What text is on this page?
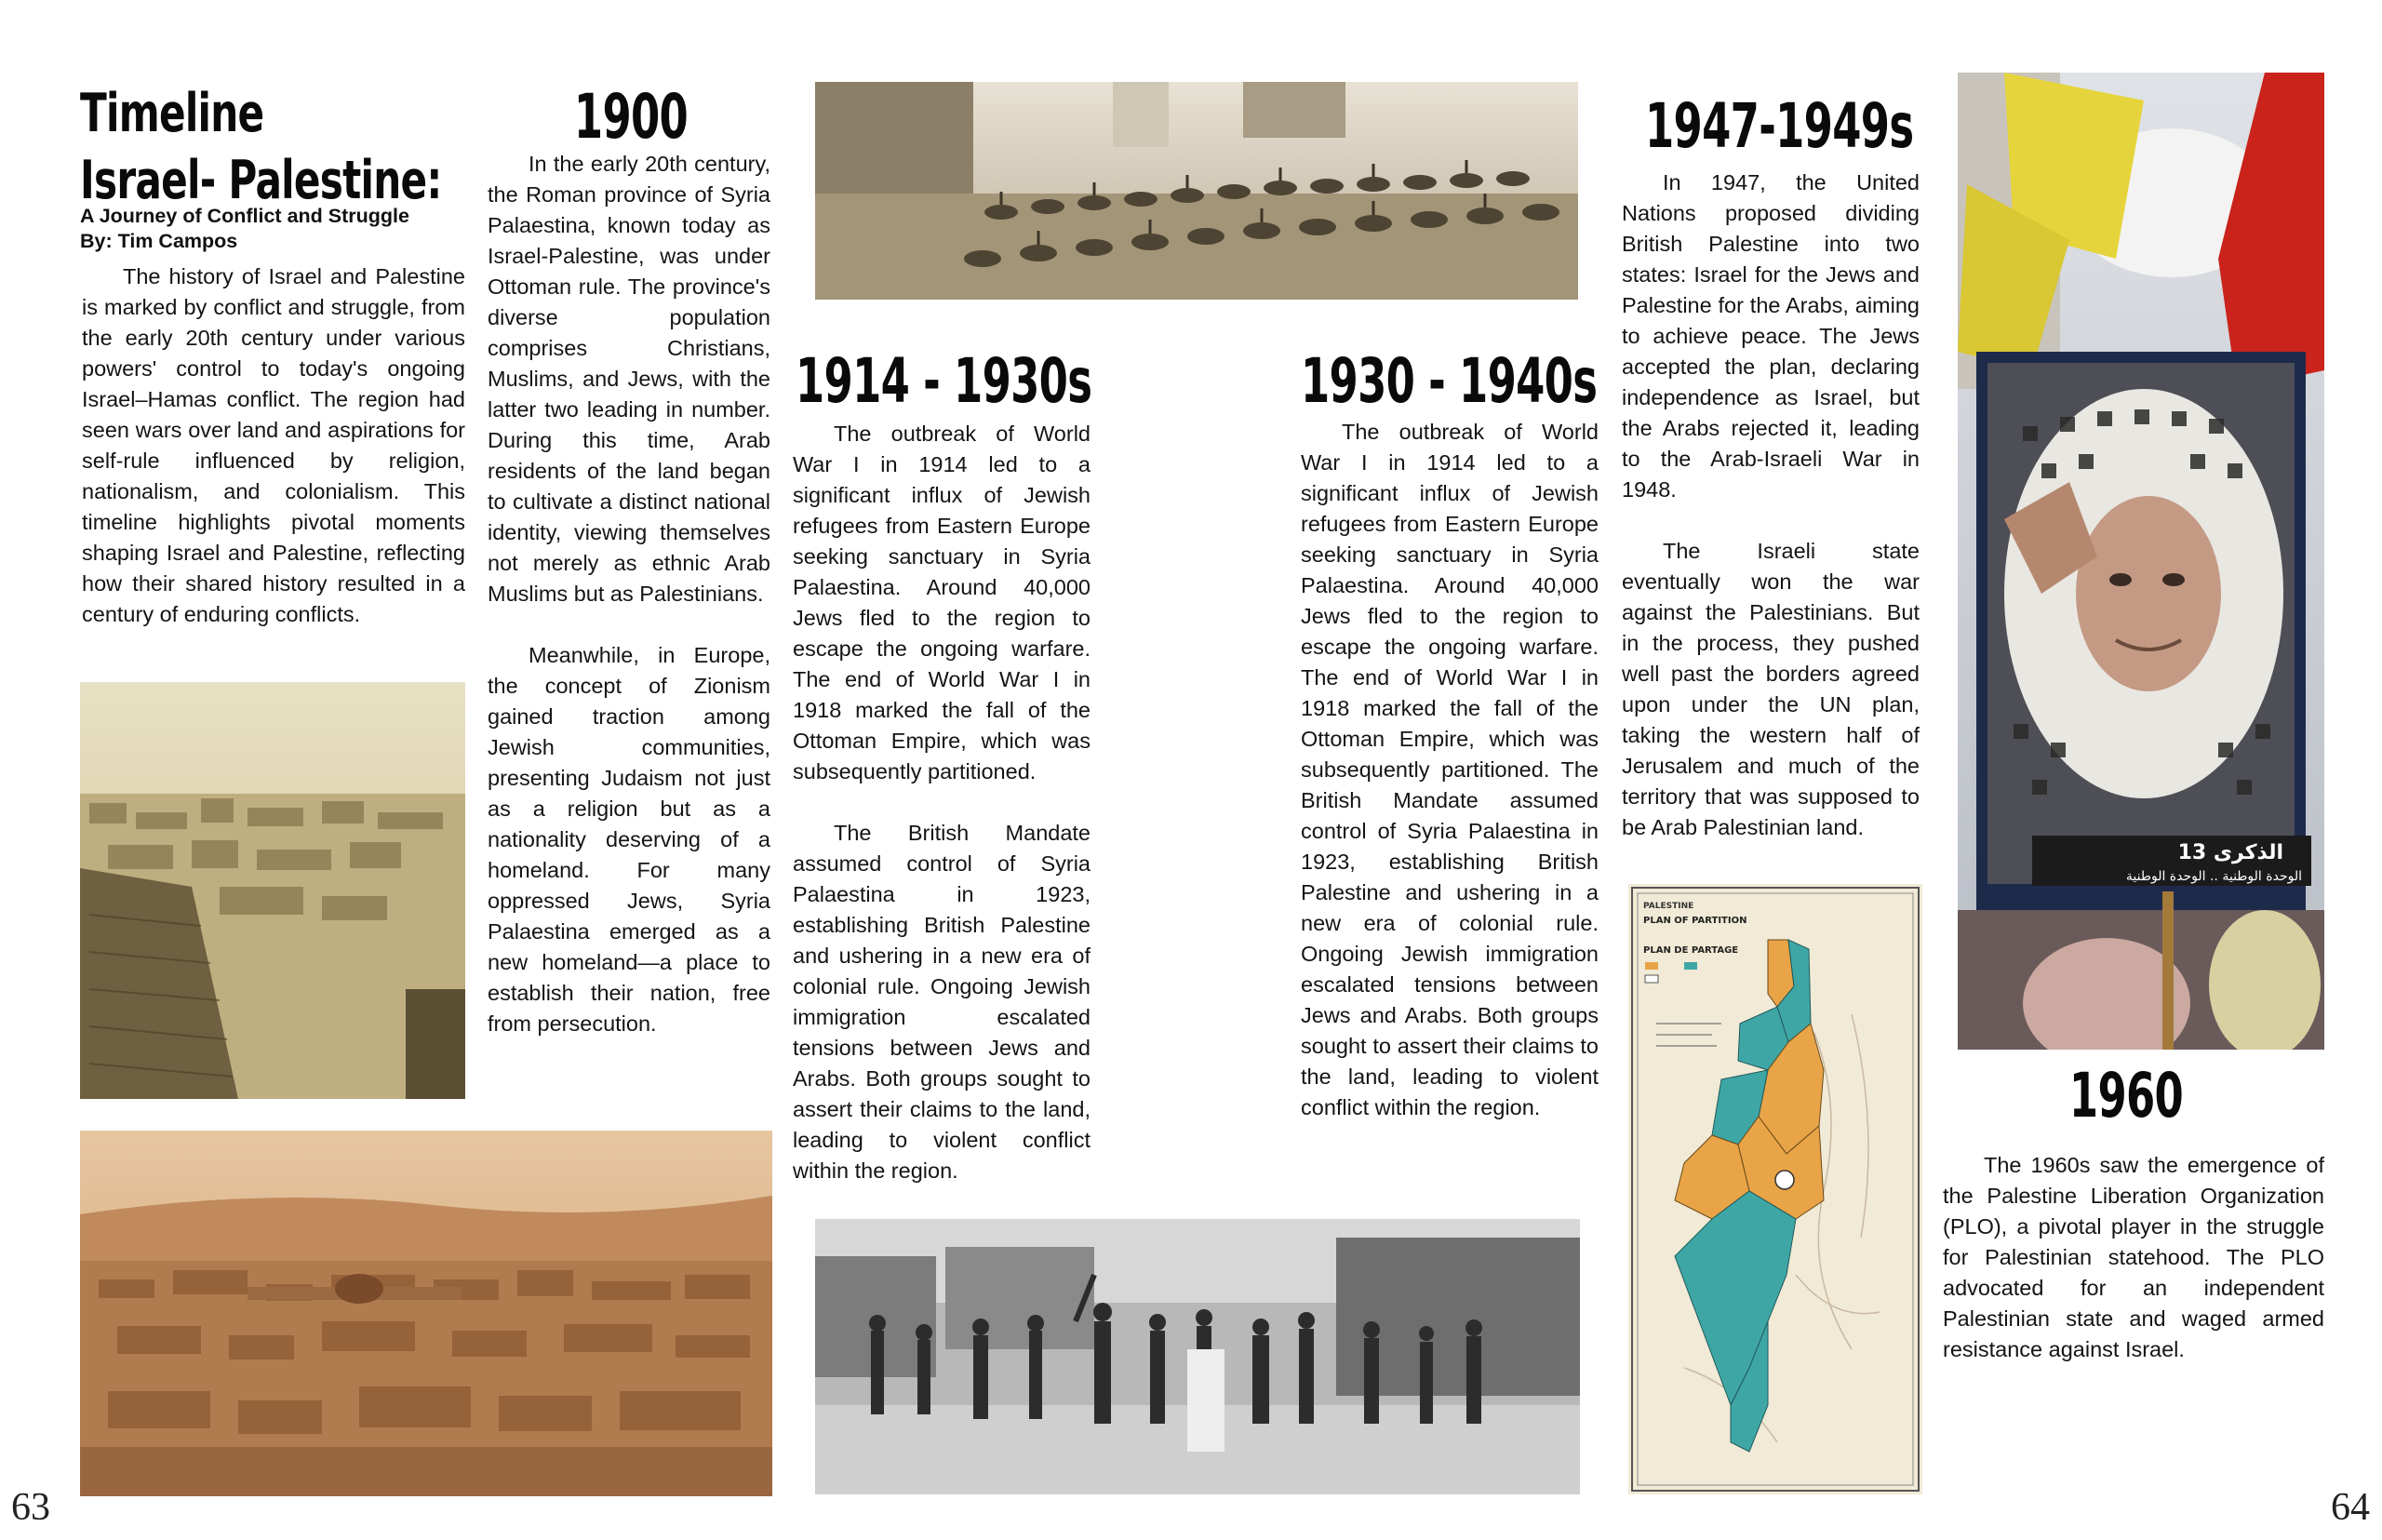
Timeline
Israel- Palestine:

A Journey of Conflict and Struggle

By: Tim Campos

The history of Israel and Palestine is marked by conflict and struggle, from the early 20th century under various powers' control to today's ongoing Israel–Hamas conflict. The region had seen wars over land and aspirations for self-rule influenced by religion, nationalism, and colonialism. This timeline highlights pivotal moments shaping Israel and Palestine, reflecting how their shared history resulted in a century of enduring conflicts.

1900

In the early 20th century, the Roman province of Syria Palaestina, known today as Israel-Palestine, was under Ottoman rule. The province's diverse population comprises Christians, Muslims, and Jews, with the latter two leading in number. During this time, Arab residents of the land began to cultivate a distinct national identity, viewing themselves not merely as ethnic Arab Muslims but as Palestinians.

Meanwhile, in Europe, the concept of Zionism gained traction among Jewish communities, presenting Judaism not just as a religion but as a nationality deserving of a homeland. For many oppressed Jews, Syria Palaestina emerged as a new homeland—a place to establish their nation, free from persecution.

1914 - 1930s

The outbreak of World War I in 1914 led to a significant influx of Jewish refugees from Eastern Europe seeking sanctuary in Syria Palaestina. Around 40,000 Jews fled to the region to escape the ongoing warfare. The end of World War I in 1918 marked the fall of the Ottoman Empire, which was subsequently partitioned.

The British Mandate assumed control of Syria Palaestina in 1923, establishing British Palestine and ushering in a new era of colonial rule. Ongoing Jewish immigration escalated tensions between Jews and Arabs. Both groups sought to assert their claims to the land, leading to violent conflict within the region.

63
1930 - 1940s

The outbreak of World War I in 1914 led to a significant influx of Jewish refugees from Eastern Europe seeking sanctuary in Syria Palaestina. Around 40,000 Jews fled to the region to escape the ongoing warfare. The end of World War I in 1918 marked the fall of the Ottoman Empire, which was subsequently partitioned. The British Mandate assumed control of Syria Palaestina in 1923, establishing British Palestine and ushering in a new era of colonial rule. Ongoing Jewish immigration escalated tensions between Jews and Arabs. Both groups sought to assert their claims to the land, leading to violent conflict within the region.

1947-1949s

In 1947, the United Nations proposed dividing British Palestine into two states: Israel for the Jews and Palestine for the Arabs, aiming to achieve peace. The Jews accepted the plan, declaring independence as Israel, but the Arabs rejected it, leading to the Arab-Israeli War in 1948.

The Israeli state eventually won the war against the Palestinians. But in the process, they pushed well past the borders agreed upon under the UN plan, taking the western half of Jerusalem and much of the territory that was supposed to be Arab Palestinian land.

PALESTINE
PLAN OF PARTITION
PLAN DE PARTAGE
الذكرى 13
الوحدة الوطنية .. الوحدة الوطنية
1960

The 1960s saw the emergence of the Palestine Liberation Organization (PLO), a pivotal player in the struggle for Palestinian statehood. The PLO advocated for an independent Palestinian state and waged armed resistance against Israel.

64
